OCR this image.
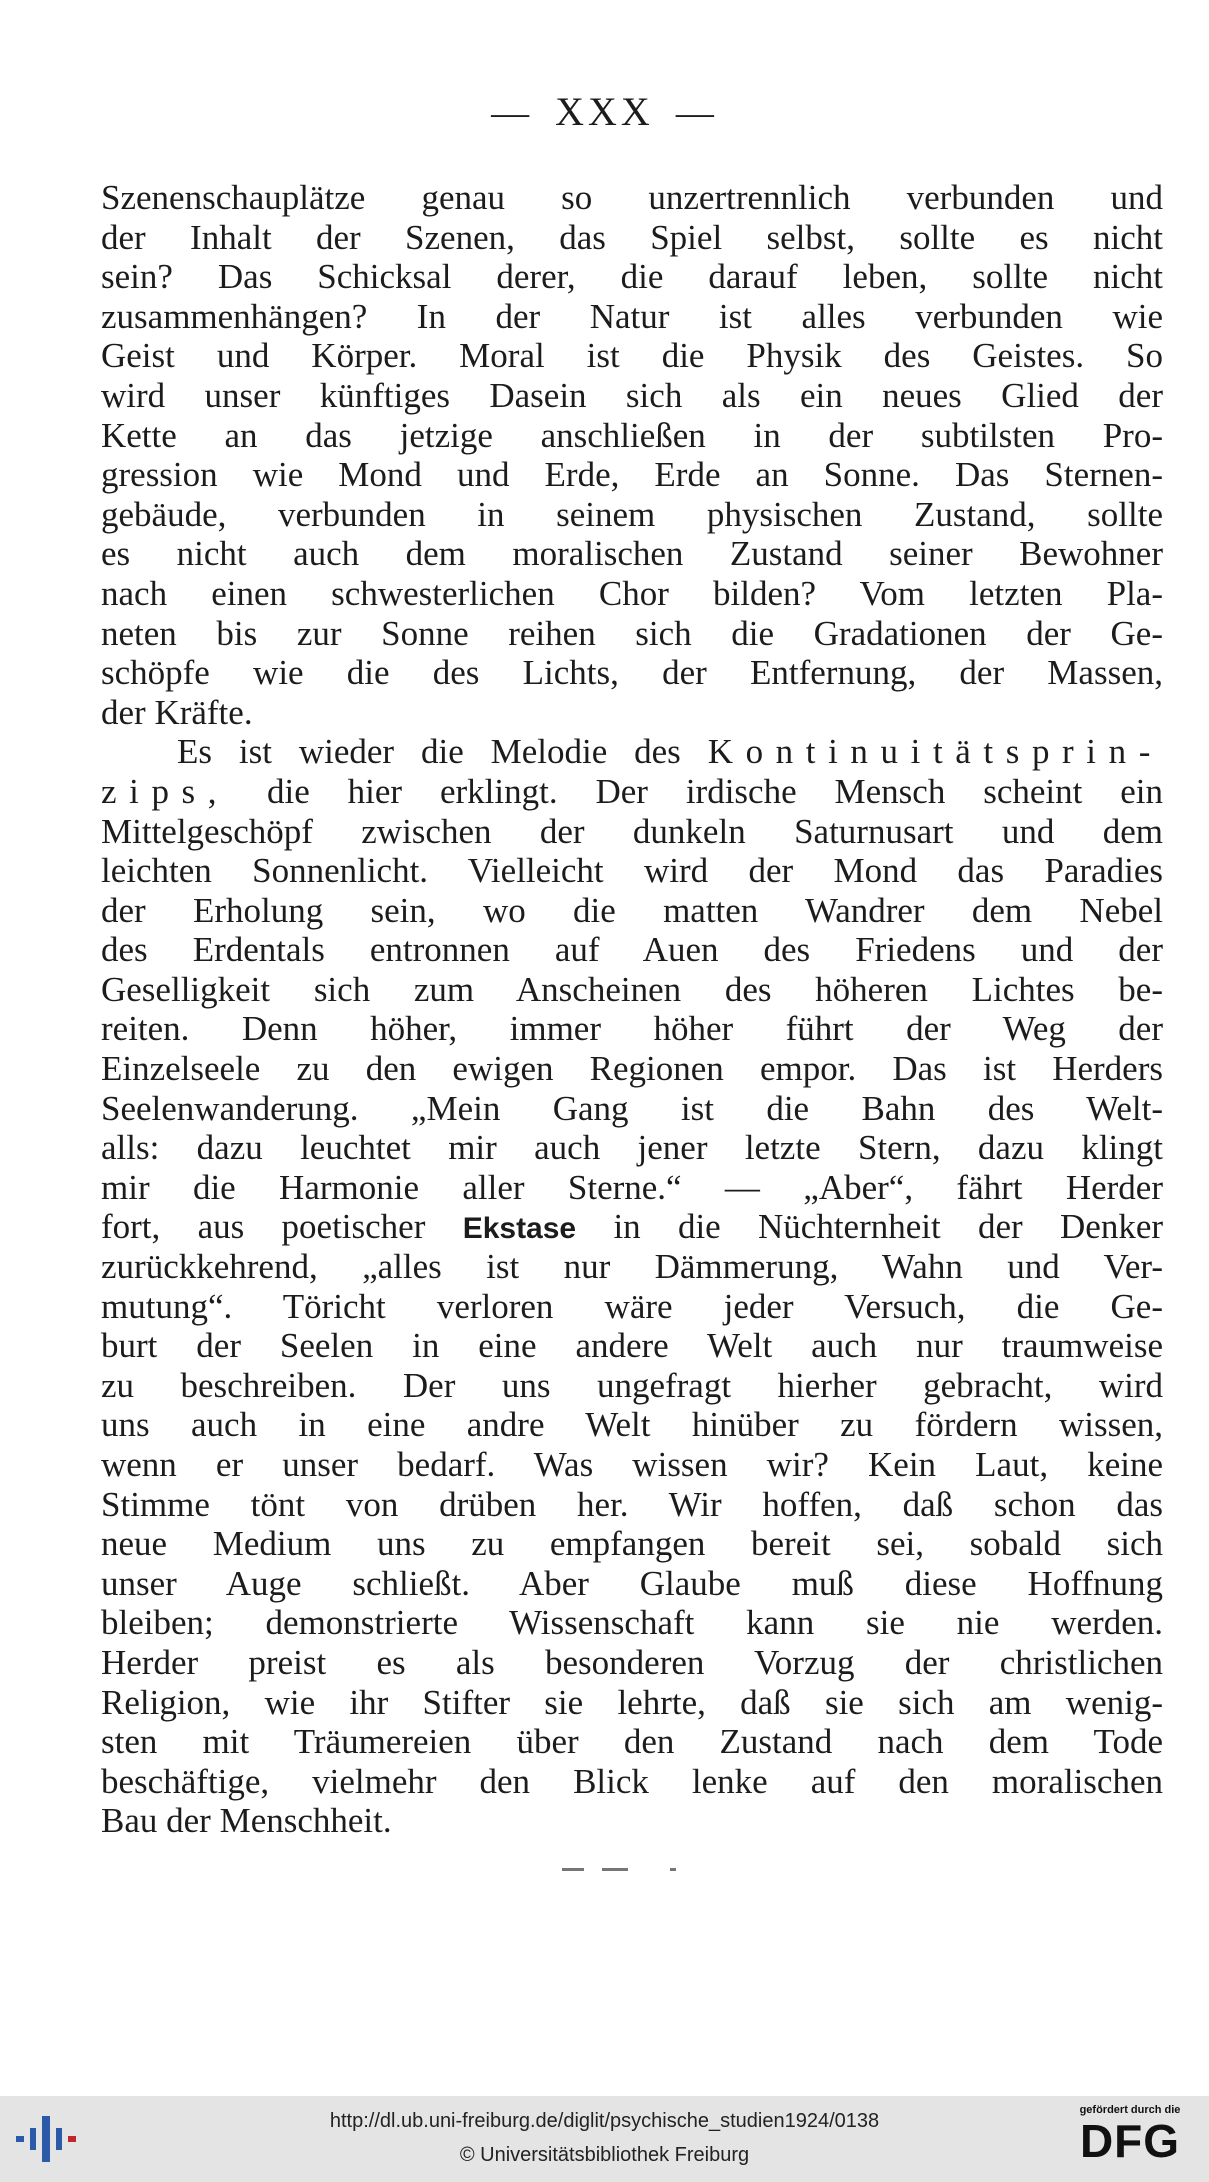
— XXX —
Szenenschauplätze genau so unzertrennlich verbunden und
der Inhalt der Szenen, das Spiel selbst, sollte es nicht
sein? Das Schicksal derer, die darauf leben, sollte nicht
zusammenhängen? In der Natur ist alles verbunden wie
Geist und Körper. Moral ist die Physik des Geistes. So
wird unser künftiges Dasein sich als ein neues Glied der
Kette an das jetzige anschließen in der subtilsten Pro-
gression wie Mond und Erde, Erde an Sonne. Das Sternen-
gebäude, verbunden in seinem physischen Zustand, sollte
es nicht auch dem moralischen Zustand seiner Bewohner
nach einen schwesterlichen Chor bilden? Vom letzten Pla-
neten bis zur Sonne reihen sich die Gradationen der Ge-
schöpfe wie die des Lichts, der Entfernung, der Massen,
der Kräfte.
Es ist wieder die Melodie des Kontinuitätsprin-
zips, die hier erklingt. Der irdische Mensch scheint ein
Mittelgeschöpf zwischen der dunkeln Saturnusart und dem
leichten Sonnenlicht. Vielleicht wird der Mond das Paradies
der Erholung sein, wo die matten Wandrer dem Nebel
des Erdentals entronnen auf Auen des Friedens und der
Geselligkeit sich zum Anscheinen des höheren Lichtes be-
reiten. Denn höher, immer höher führt der Weg der
Einzelseele zu den ewigen Regionen empor. Das ist Herders
Seelenwanderung. „Mein Gang ist die Bahn des Welt-
alls: dazu leuchtet mir auch jener letzte Stern, dazu klingt
mir die Harmonie aller Sterne.“ — „Aber“, fährt Herder
fort, aus poetischer Ekstase in die Nüchternheit der Denker
zurückkehrend, „alles ist nur Dämmerung, Wahn und Ver-
mutung“. Töricht verloren wäre jeder Versuch, die Ge-
burt der Seelen in eine andere Welt auch nur traumweise
zu beschreiben. Der uns ungefragt hierher gebracht, wird
uns auch in eine andre Welt hinüber zu fördern wissen,
wenn er unser bedarf. Was wissen wir? Kein Laut, keine
Stimme tönt von drüben her. Wir hoffen, daß schon das
neue Medium uns zu empfangen bereit sei, sobald sich
unser Auge schließt. Aber Glaube muß diese Hoffnung
bleiben; demonstrierte Wissenschaft kann sie nie werden.
Herder preist es als besonderen Vorzug der christlichen
Religion, wie ihr Stifter sie lehrte, daß sie sich am wenig-
sten mit Träumereien über den Zustand nach dem Tode
beschäftige, vielmehr den Blick lenke auf den moralischen
Bau der Menschheit.
http://dl.ub.uni-freiburg.de/diglit/psychische_studien1924/0138
© Universitätsbibliothek Freiburg
gefördert durch die
DFG
